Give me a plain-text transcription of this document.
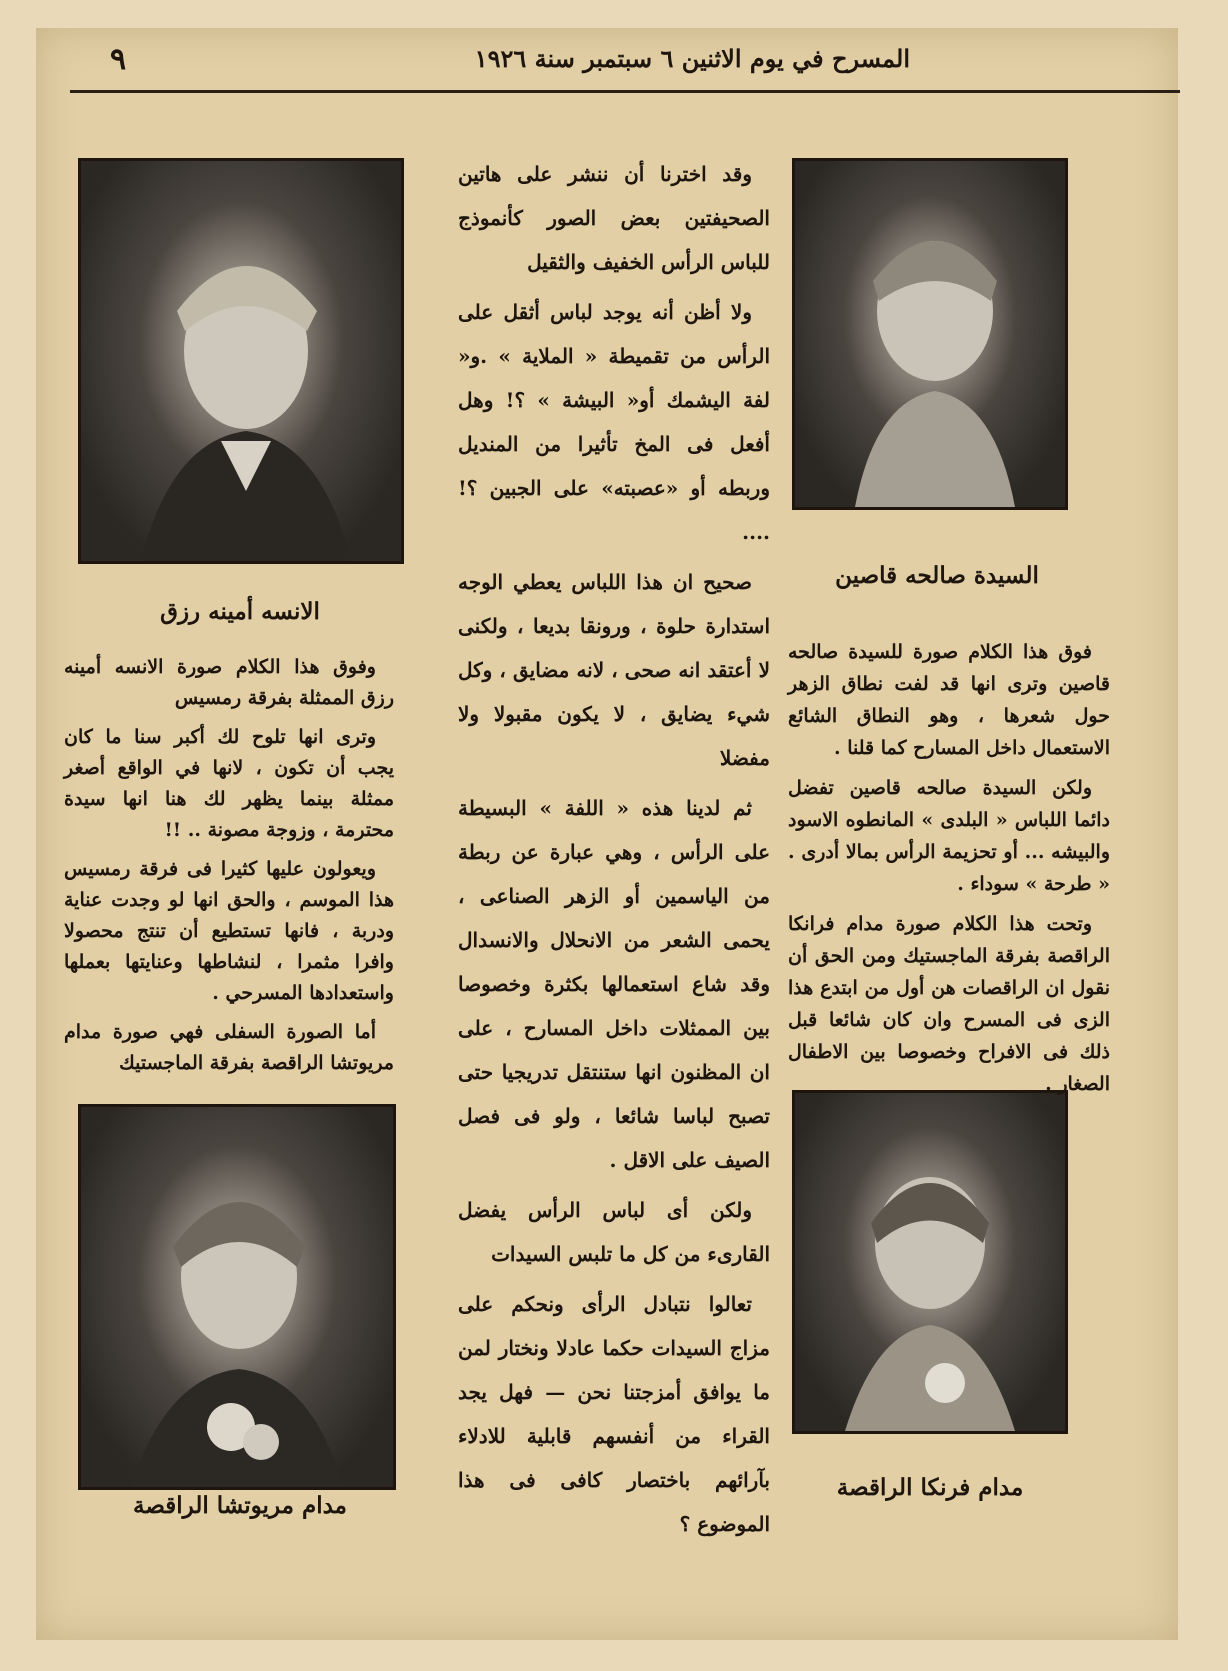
٩	المسرح في يوم الاثنين ٦ سبتمبر سنة ١٩٢٦
السيدة صالحه قاصين
الانسه أمينه رزق
مدام فرنكا الراقصة
مدام مريوتشا الراقصة

وقد اخترنا أن ننشر على هاتين الصحيفتين بعض الصور كأنموذج للباس الرأس الخفيف والثقيل

ولا أظن أنه يوجد لباس أثقل على الرأس من تقميطة « الملاية » .و« لفة اليشمك أو« البيشة » ؟! وهل أفعل فى المخ تأثيرا من المنديل وربطه أو «عصبته» على الجبين ؟! ....

صحيح ان هذا اللباس يعطي الوجه استدارة حلوة ، ورونقا بديعا ، ولكنى لا أعتقد انه صحى ، لانه مضايق ، وكل شيء يضايق ، لا يكون مقبولا ولا مفضلا

ثم لدينا هذه « اللفة » البسيطة على الرأس ، وهي عبارة عن ربطة من الياسمين أو الزهر الصناعى ، يحمى الشعر من الانحلال والانسدال وقد شاع استعمالها بكثرة وخصوصا بين الممثلات داخل المسارح ، على ان المظنون انها ستنتقل تدريجيا حتى تصبح لباسا شائعا ، ولو فى فصل الصيف على الاقل .

ولكن أى لباس الرأس يفضل القارىء من كل ما تلبس السيدات

تعالوا نتبادل الرأى ونحكم على مزاج السيدات حكما عادلا ونختار لمن ما يوافق أمزجتنا نحن — فهل يجد القراء من أنفسهم قابلية للادلاء بآرائهم باختصار كافى فى هذا الموضوع ؟

فوق هذا الكلام صورة للسيدة صالحه قاصين وترى انها قد لفت نطاق الزهر حول شعرها ، وهو النطاق الشائع الاستعمال داخل المسارح كما قلنا .

ولكن السيدة صالحه قاصين تفضل دائما اللباس « البلدى » المانطوه الاسود والبيشه ... أو تحزيمة الرأس بمالا أدرى . « طرحة » سوداء .

وتحت هذا الكلام صورة مدام فرانكا الراقصة بفرقة الماجستيك ومن الحق أن نقول ان الراقصات هن أول من ابتدع هذا الزى فى المسرح وان كان شائعا قبل ذلك فى الافراح وخصوصا بين الاطفال الصغار .

وفوق هذا الكلام صورة الانسه أمينه رزق الممثلة بفرقة رمسيس

وترى انها تلوح لك أكبر سنا ما كان يجب أن تكون ، لانها في الواقع أصغر ممثلة بينما يظهر لك هنا انها سيدة محترمة ، وزوجة مصونة .. !!

ويعولون عليها كثيرا فى فرقة رمسيس هذا الموسم ، والحق انها لو وجدت عناية ودربة ، فانها تستطيع أن تنتج محصولا وافرا مثمرا ، لنشاطها وعنايتها بعملها واستعدادها المسرحي .

أما الصورة السفلى فهي صورة مدام مريوتشا الراقصة بفرقة الماجستيك
